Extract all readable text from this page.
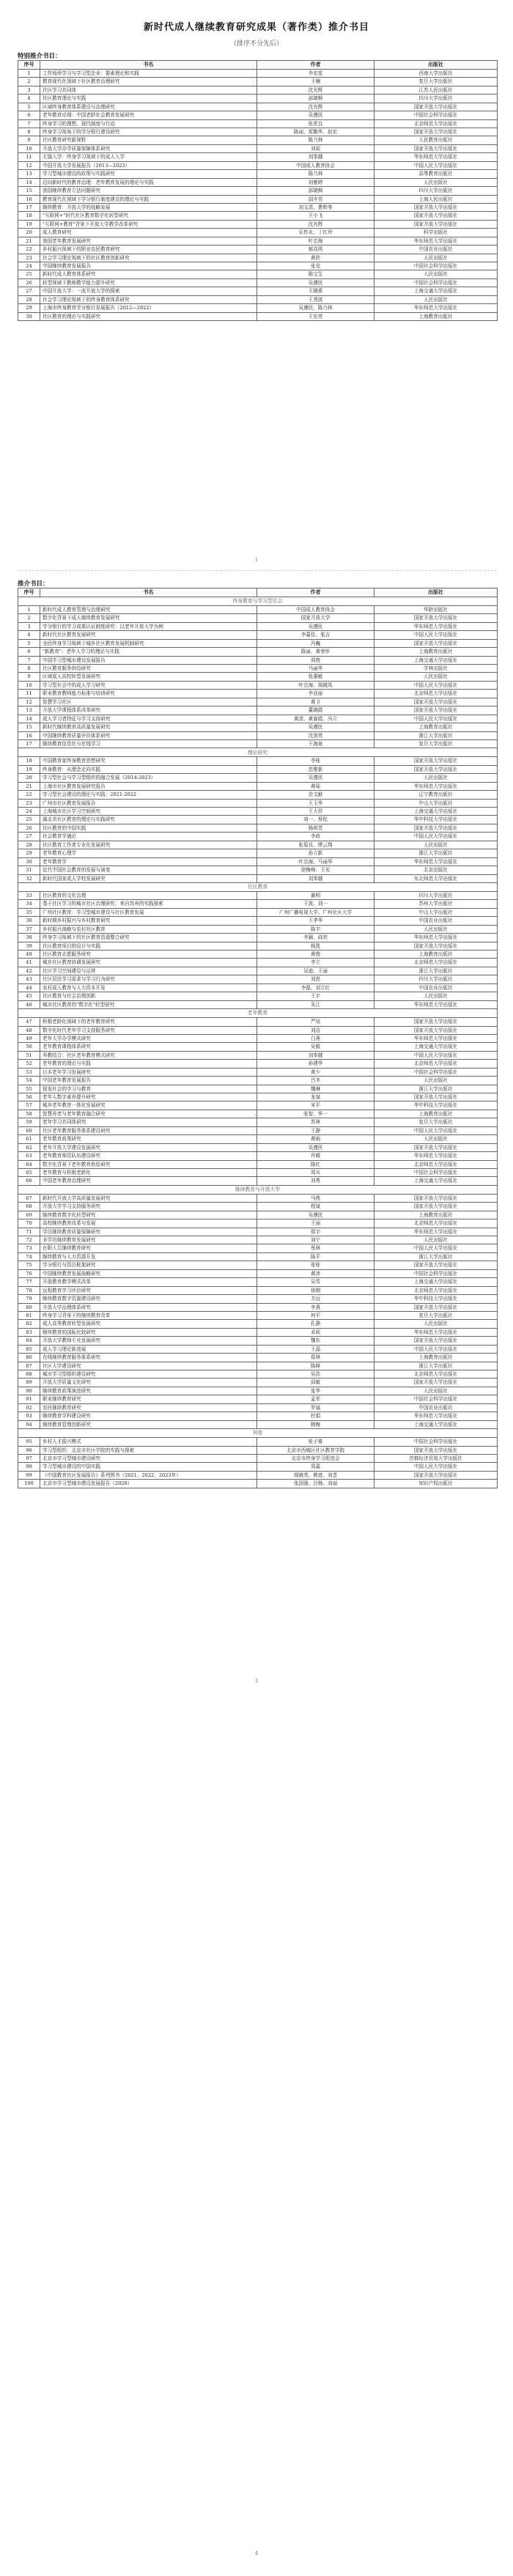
新时代成人继续教育研究成果（著作类）推介书目
（排序不分先后）
特别推介书目：
序号	书名	作者	出版社
1	工作场所学习与学习型企业：要素理论和实践	李宏花	西南大学出版社
2	教育现代化视域下社区教育治理研究	王楠	复旦大学出版社
3	社区学习共同体	沈光辉	江苏人民出版社
4	社区教育理论与实践	邵晓枫	四川大学出版社
5	区域终身教育体系建设与治理研究	沈光辉	国家开放大学出版社
6	老年教育论纲：中国老龄社会教育发展研究	吴遵民	中国社会科学出版社
7	终身学习的理想、现代制度与行动	张优良	北京师范大学出版社
8	终身学习视角下的学分银行建设研究	陈丽、郑勤华、赵宏	国家开放大学出版社
9	社区教育研究新视野	陈乃林	人民教育出版社
10	开放大学办学质量保障体系研究	刘莉	国家开放大学出版社
11	无缝入学：终身学习视域下的成人入学	刘奉越	华东师范大学出版社
12	中国开放大学发展报告（2013—2023）	中国成人教育协会	中国人民大学出版社
13	学习型城市建设的政策与实践研究	陈乃林	高等教育出版社
14	迈向新时代的教育治理：老年教育发展的理论与实践	刘雅婷	人民出版社
15	我国继续教育立法问题研究	邵晓枫	四川大学出版社
16	教育现代化视域下学分银行制度建设的理论与实践	国卉男	上海人民出版社
17	继续教育：开放大学的战略发展	刘文清、曹辉等	国家开放大学出版社
18	"互联网+"时代社区教育数字化转型研究	王小飞	国家开放大学出版社
19	"互联网+教育"背景下开放大学教学改革研究	沈光辉	国家开放大学出版社
20	成人教育研究	乐传永、丁红玲	科学出版社
21	我国老年教育发展研究	叶忠海	华东师范大学出版社
22	乡村振兴视域下的职业农民教育研究	郝克明	中国农业出版社
23	社会学习理论视域下的社区教育创新研究	黄欣	人民出版社
24	中国继续教育发展报告	张竞	中国社会科学出版社
25	新时代成人教育体系研究	陈宝生	人民出版社
26	转型视域下教师教学能力提升研究	吴遵民	中国社会科学出版社
27	中国开放大学：一流开放大学的探索	王晓燕	上海交通大学出版社
28	社会学习理论视域下的终身教育体系研究	王秀波	人民出版社
29	上海市终身教育学分银行发展报告（2012—2022）	吴遵民、陈乃林	华东师范大学出版社
30	社区教育的理论与实践研究	王宏亮	上海教育出版社
1
推介书目：
序号	书名	作者	出版社
终身教育与学习型社会			
1	新时代成人教育管理与治理研究	中国成人教育协会	华龄出版社
2	数字化背景下成人继续教育发展研究	国家开放大学	国家开放大学出版社
3	学分银行的学习成果认证制度研究：以老年开放大学为例	吴遵民	华东师范大学出版社
4	新时代社区教育发展研究	李嘉佳、张吉	中国人民大学出版社
5	全民终身学习视域下城乡社区教育发展机制研究	冯巍	国家开放大学出版社
6	"新教育"：老年人学习的理论与实践	陈丽、黄荣怀	上海教育出版社
7	中国学习型城市建设发展报告	周俊	上海交通大学出版社
8	社区教育服务供给研究	马丽华	学林出版社
9	区域成人高校转型发展研究	张惠敏	人民出版社
10	学习型社会中的成人学习研究	叶忠海、胡晓凤	中国人民大学出版社
11	职业教育教师能力标准与培训研究	李亚丽	北京师范大学出版社
12	智慧学习社区	黄卫	国家开放大学出版社
13	开放大学课程体系改革研究	董晓霞	国家开放大学出版社
14	成人学习者特征与学习支持研究	黄清、黄春霞、冯立	中国人民大学出版社
15	新时代继续教育高质量发展研究	吴遵民	上海教育出版社
16	中国继续教育质量评价体系研究	沈剑英	浙江大学出版社
17	继续教育信息化与在线学习	王海泉	复旦大学出版社
理论研究			
18	中国教育家终身教育思想研究	李桂	国家开放大学出版社
19	终身教育：从理念走向实践	范维新	国家开放大学出版社
20	学习型社会与学习型组织的融合发展（2014-2023）	吴遵民	人民出版社
21	上海市社区教育发展研究报告	黄瑶	华东师范大学出版社
22	学习型社会建设的理论与实践：2021-2022	余文献	辽宁教育出版社
23	广州市社区教育发展报告	王玉华	中山大学出版社
24	上海城市社区学习空间研究	王大祥	上海交通大学出版社
25	湖北省社区教育的理论与实践研究	刘一、蔡松	华中科技大学出版社
26	社区教育的中国实践	杨颂芳	国家开放大学出版社
27	社会教育学通论	李政	中国人民大学出版社
28	社区教育工作者专业化发展研究	张菊良、缪云翔	人民出版社
29	老年教育心理学	孙立新	浙江大学出版社
30	老年教育学	叶忠海、马丽华	华东师范大学出版社
31	近代中国社会教育的发展与演变	徐梅峰、王光	北京出版社
32	新时代国家成人学校发展研究	刘奉越	东北师范大学出版社
社区教育			
33	社区教育的文化治理	谢明	四川大学出版社
34	基于社区学习的城市社区治理研究：来自苏州的实践探索	王波、刘一	苏州大学出版社
35	广州社区教育：学习型城市建设与社区教育发展	广州广播电视大学、广州社区大学	中山大学出版社
36	新时期乡村振兴与乡村教育研究	王孝华	中国农业出版社
37	乡村振兴战略与农村社区教育	陈宇	人民出版社
38	终身学习视域下的社区教育资源整合研究	李颖、阎欢	华东师范大学出版社
39	社区教育项目的设计与实践	杨凯	国家开放大学出版社
40	社区教育志愿服务研究	黄俊	上海教育出版社
41	城乡社区教育协调发展研究	李立	北京师范大学出版社
42	社区学习空间建设与运营	吴迪、王丽	浙江大学出版社
43	社区居民学习需求与学习行为研究	刘思	四川大学出版社
44	农村成人教育与人力资本开发	李磊、刘立红	中国农业出版社
45	社区教育与社会治理创新	王宇	人民出版社
46	城市社区教育的"数字化"转型研究	朱江	华东师范大学出版社
老年教育			
47	积极老龄化视域下的老年教育研究	严培	国家开放大学出版社
48	数字化时代老年学习支持服务研究	刘洁	国家开放大学出版社
49	老年大学办学模式研究	白燕	华东师范大学出版社
50	老年教育课程体系研究	吴毅	上海交通大学出版社
51	养教结合：社区老年教育模式研究	刘奉越	中国人民大学出版社
52	老年教育的理论与实践	孙建华	北京师范大学出版社
53	日本老年学习发展研究	黄少	中国社会科学出版社
54	中国老年教育发展报告	吕冬	人民出版社
55	银发社会的学习与教育	魏琳	浙江大学出版社
56	老年人数字素养提升研究	龙斌	国家开放大学出版社
57	城乡老年教育一体化发展研究	宋平	华中科技大学出版社
58	智慧养老与老年教育融合研究	张智、华一	上海教育出版社
59	老年学习共同体研究	苏林	复旦大学出版社
60	社区老年教育服务体系建设研究	王静	中国人民大学出版社
61	老年教育政策研究	黄雨	人民出版社
62	老年开放大学建设发展研究	吴遵民	国家开放大学出版社
63	老年教育师资队伍建设研究	许晴	华东师范大学出版社
64	数字化背景下老年教育供给研究	陈红	北京师范大学出版社
65	老年教育与积极老龄化	周兵	中国社会科学出版社
66	中国老年教育治理研究	刘勇	上海交通大学出版社
继续教育与开放大学			
67	新时代开放大学高质量发展研究	马俊	国家开放大学出版社
68	开放大学学习支持服务研究	程斌	国家开放大学出版社
69	继续教育数字化转型研究	吴遵民	上海教育出版社
70	高校继续教育改革与发展	王丽	北京师范大学出版社
71	学历继续教育质量保障研究	郑宇	华东师范大学出版社
72	非学历继续教育发展研究	刘宁	人民出版社
73	在职人员继续教育研究	蔡林	中国人民大学出版社
74	继续教育与人力资源开发	陈平	浙江大学出版社
75	学分银行与资历框架研究	张桂	国家开放大学出版社
76	中国继续教育发展战略研究	黄沛	中国社会科学出版社
77	开放教育教学模式改革	吴雪	上海交通大学出版社
78	远程教育学习评价研究	徐刚	北京师范大学出版社
79	继续教育数字资源建设研究	方远	华中科技大学出版社
80	开放大学治理体系研究	李燕	国家开放大学出版社
81	终身学习背景下的继续教育改革	何平	复旦大学出版社
82	成人高等教育转型发展研究	孔静	人民出版社
83	继续教育的国际比较研究	邓莉	华东师范大学出版社
84	开放大学教师专业发展研究	魏东	国家开放大学出版社
85	成人学习理论新进展	王晶	中国人民大学出版社
86	在线继续教育服务体系研究	郑林	上海教育出版社
87	社区大学建设研究	陈峰	浙江大学出版社
88	城市学习型组织建设研究	吴浩	北京师范大学出版社
89	开放大学质量文化研究	邱敏	国家开放大学出版社
90	继续教育政策演进研究	张华	人民出版社
91	职业继续教育研究	孟军	中国社会科学出版社
92	农民继续教育研究	罗斌	中国农业出版社
93	继续教育学科建设研究	杜娟	华东师范大学出版社
94	继续教育管理创新研究	韩梅	上海交通大学出版社
其他			
95	乡村人才振兴模式	张子豪	中国社会科学出版社
96	学习型组织：北京市社区学院的实践与探索	北京市西城区社区教育学院	国家开放大学出版社
97	北京市学习型城市建设研究	北京市终身学习促进会	首都经济贸易大学出版社
98	学习型城市建设的中国实践	周嘉	中国人民大学出版社
99	《中国教育社区发展报告》系列图书（2021、2022、2023年）	胡晓英、韩进、刘晋	国家开放大学出版社
100	北京市学习型城市建设发展报告（2020）	张国强、吕杨、刘丽	知识产权出版社
2
3
4
